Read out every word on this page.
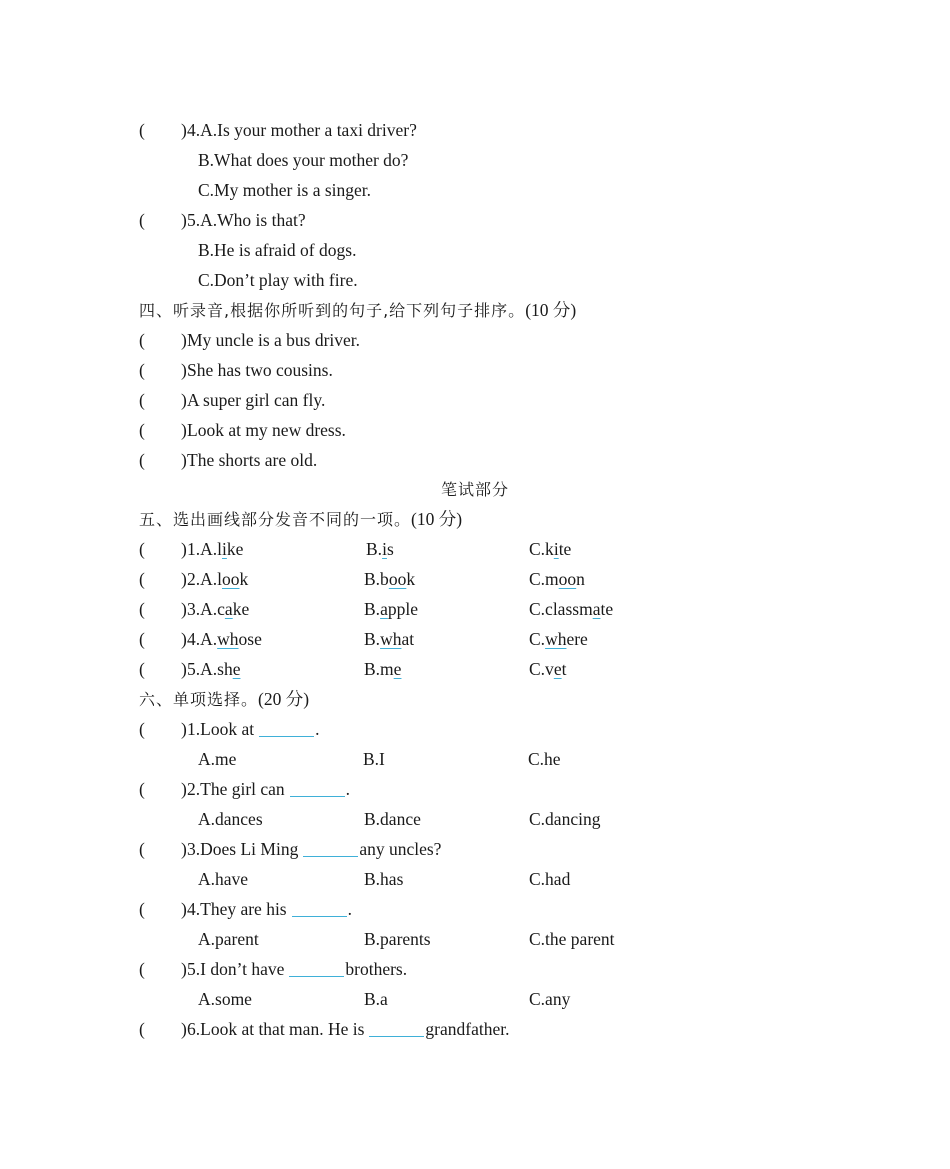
( ) 4.A.Is your mother a taxi driver?
B.What does your mother do?
C.My mother is a singer.
( ) 5.A.Who is that?
B.He is afraid of dogs.
C.Don’t play with fire.
四、听录音,根据你所听到的句子,给下列句子排序。(10 分)
( ) My uncle is a bus driver.
( ) She has two cousins.
( ) A super girl can fly.
( ) Look at my new dress.
( ) The shorts are old.
笔试部分
五、选出画线部分发音不同的一项。(10 分)
( ) 1.A.like	B.is	C.kite
( ) 2.A.look	B.book	C.moon
( ) 3.A.cake	B.apple	C.classmate
( ) 4.A.whose	B.what	C.where
( ) 5.A.she	B.me	C.vet
六、单项选择。(20 分)
( ) 1.Look at	.
A.me	B.I	C.he
( ) 2.The girl can	.
A.dances	B.dance	C.dancing
( ) 3.Does Li Ming	any uncles?
A.have	B.has	C.had
( ) 4.They are his	.
A.parent	B.parents	C.the parent
( ) 5.I don’t have	brothers.
A.some	B.a	C.any
( ) 6.Look at that man. He is	grandfather.
